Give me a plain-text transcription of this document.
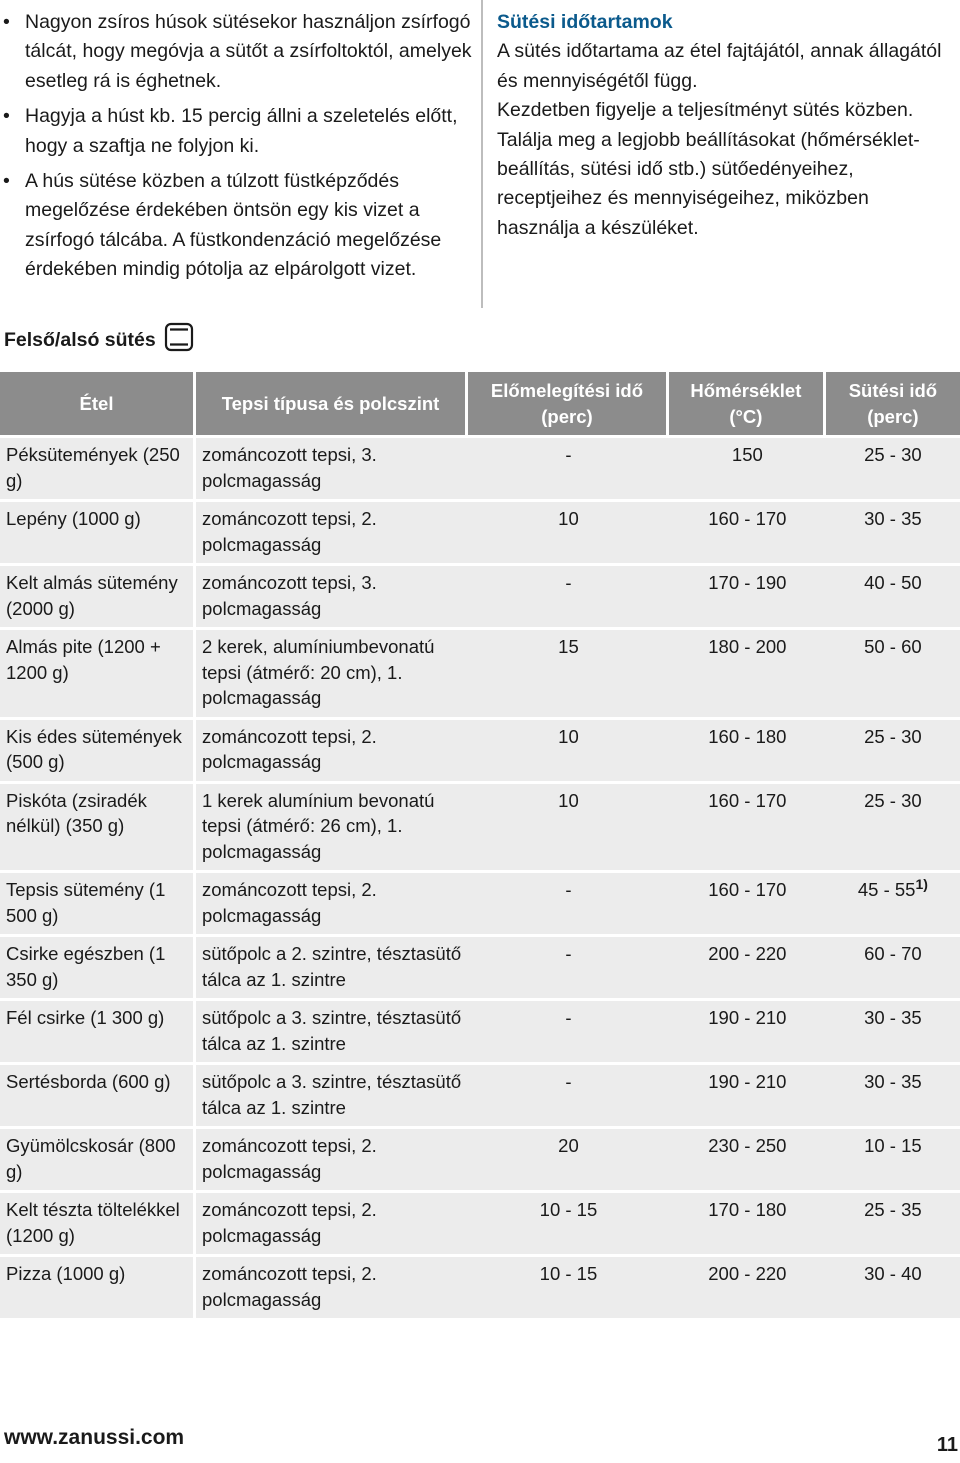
• Nagyon zsíros húsok sütésekor használjon zsírfogó tálcát, hogy megóvja a sütőt a zsírfoltoktól, amelyek esetleg rá is éghetnek.
• Hagyja a húst kb. 15 percig állni a szeletelés előtt, hogy a szaftja ne folyjon ki.
• A hús sütése közben a túlzott füstképződés megelőzése érdekében öntsön egy kis vizet a zsírfogó tálcába. A füstkondenzáció megelőzése érdekében mindig pótolja az elpárolgott vizet.
Sütési időtartamok

A sütés időtartama az étel fajtájától, annak állagától és mennyiségétől függ.

Kezdetben figyelje a teljesítményt sütés közben. Találja meg a legjobb beállításokat (hőmérséklet-beállítás, sütési idő stb.) sütőedényeihez, receptjeihez és mennyiségeihez, miközben használja a készüléket.

Felső/alsó sütés
Étel	Tepsi típusa és polcszint	Előmelegítési idő (perc)	Hőmérséklet (°C)	Sütési idő (perc)
Péksütemények (250 g)	zománcozott tepsi, 3. polcmagasság	-	150	25 - 30
Lepény (1000 g)	zománcozott tepsi, 2. polcmagasság	10	160 - 170	30 - 35
Kelt almás sütemény (2000 g)	zománcozott tepsi, 3. polcmagasság	-	170 - 190	40 - 50
Almás pite (1200 + 1200 g)	2 kerek, alumíniumbevonatú tepsi (átmérő: 20 cm), 1. polcmagasság	15	180 - 200	50 - 60
Kis édes sütemények (500 g)	zománcozott tepsi, 2. polcmagasság	10	160 - 180	25 - 30
Piskóta (zsiradék nélkül) (350 g)	1 kerek alumínium bevonatú tepsi (átmérő: 26 cm), 1. polcmagasság	10	160 - 170	25 - 30
Tepsis sütemény (1 500 g)	zománcozott tepsi, 2. polcmagasság	-	160 - 170	45 - 55$^{1)}$
Csirke egészben (1 350 g)	sütőpolc a 2. szintre, tésztasütő tálca az 1. szintre	-	200 - 220	60 - 70
Fél csirke (1 300 g)	sütőpolc a 3. szintre, tésztasütő tálca az 1. szintre	-	190 - 210	30 - 35
Sertésborda (600 g)	sütőpolc a 3. szintre, tésztasütő tálca az 1. szintre	-	190 - 210	30 - 35
Gyümölcskosár (800 g)	zománcozott tepsi, 2. polcmagasság	20	230 - 250	10 - 15
Kelt tészta töltelékkel (1200 g)	zománcozott tepsi, 2. polcmagasság	10 - 15	170 - 180	25 - 35
Pizza (1000 g)	zománcozott tepsi, 2. polcmagasság	10 - 15	200 - 220	30 - 40
www.zanussi.com	11
